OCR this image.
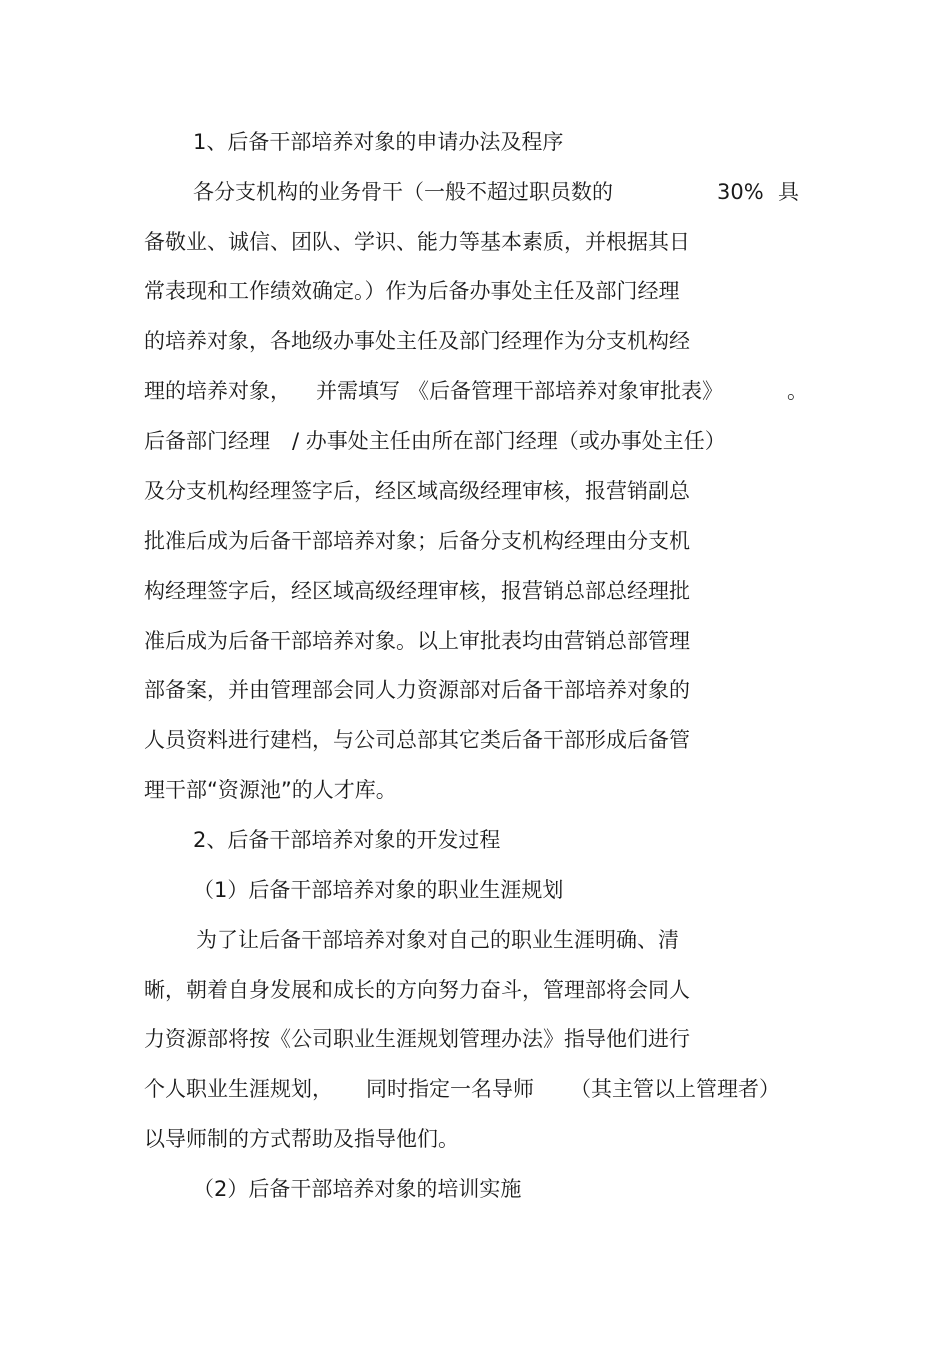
1、后备干部培养对象的申请办法及程序
各分支机构的业务骨干（一般不超过职员数的	30% 具
备敬业、诚信、团队、学识、能力等基本素质，并根据其日
常表现和工作绩效确定。）作为后备办事处主任及部门经理
的培养对象，各地级办事处主任及部门经理作为分支机构经
理的培养对象， 并需填写 《后备管理干部培养对象审批表》	。
后备部门经理 / 办事处主任由所在部门经理（或办事处主任）
及分支机构经理签字后，经区域高级经理审核，报营销副总
批准后成为后备干部培养对象；后备分支机构经理由分支机
构经理签字后，经区域高级经理审核，报营销总部总经理批
准后成为后备干部培养对象。以上审批表均由营销总部管理
部备案，并由管理部会同人力资源部对后备干部培养对象的
人员资料进行建档，与公司总部其它类后备干部形成后备管
理干部“资源池”的人才库。
2、后备干部培养对象的开发过程
（1）后备干部培养对象的职业生涯规划
为了让后备干部培养对象对自己的职业生涯明确、清
晰，朝着自身发展和成长的方向努力奋斗，管理部将会同人
力资源部将按《公司职业生涯规划管理办法》指导他们进行
个人职业生涯规划， 同时指定一名导师 （其主管以上管理者）
以导师制的方式帮助及指导他们。
（2）后备干部培养对象的培训实施
